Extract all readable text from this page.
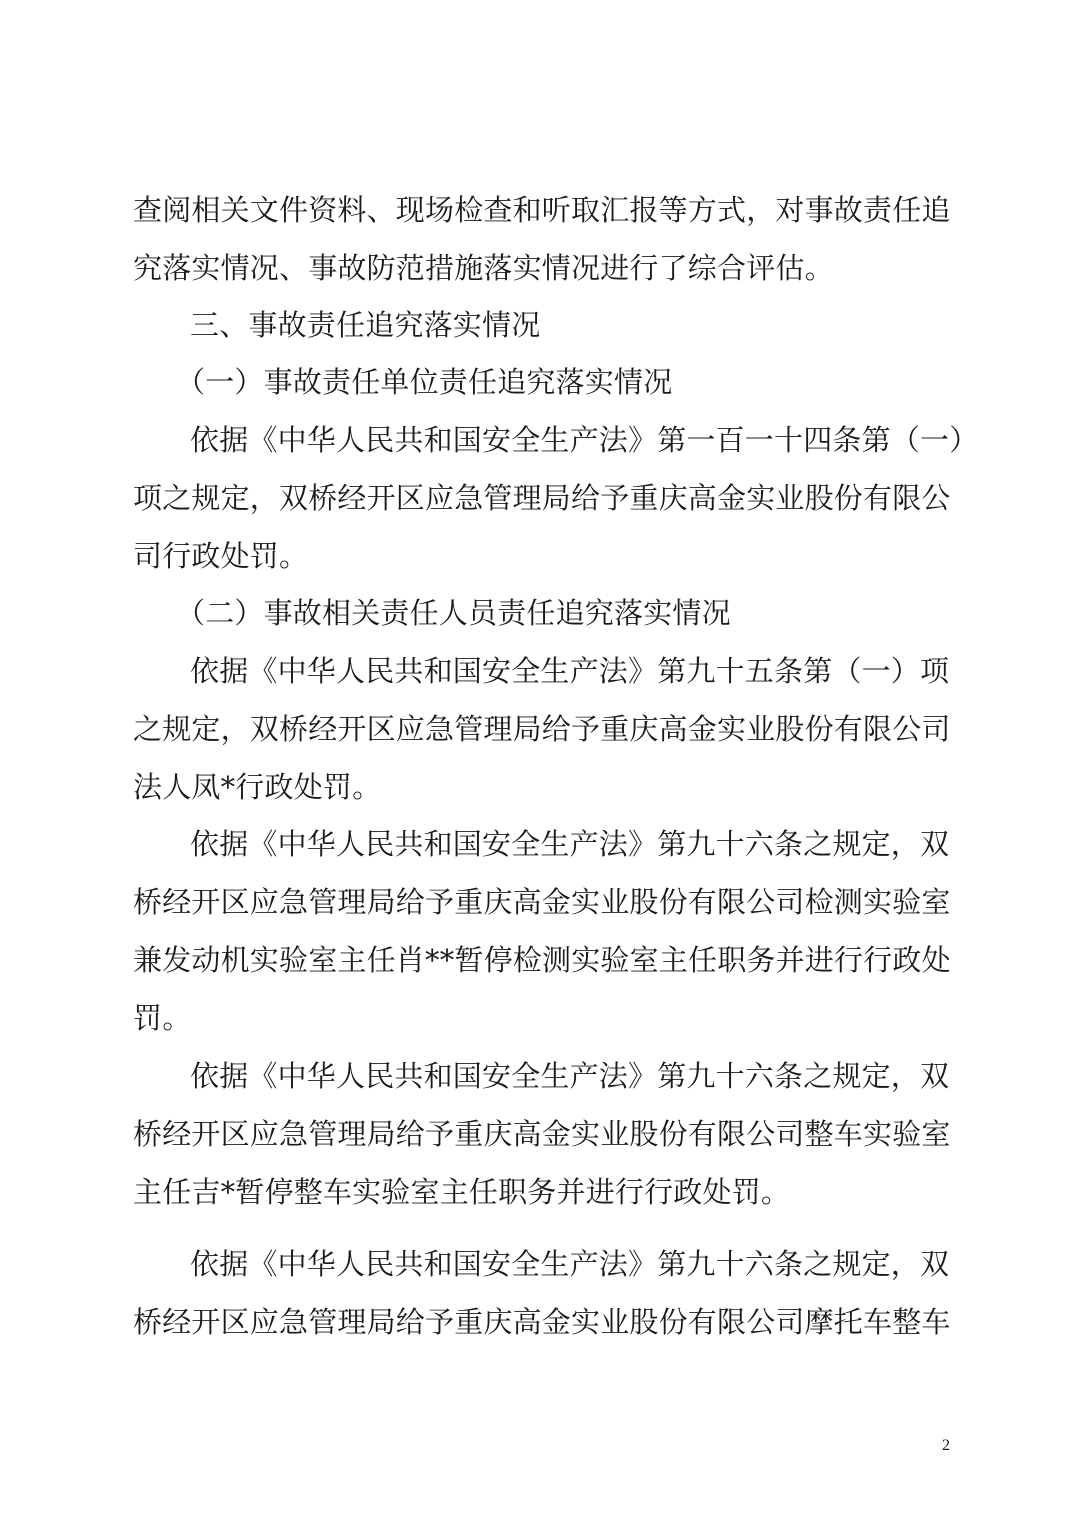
查阅相关文件资料、现场检查和听取汇报等方式，对事故责任追
究落实情况、事故防范措施落实情况进行了综合评估。
三、事故责任追究落实情况
（一）事故责任单位责任追究落实情况
依据《中华人民共和国安全生产法》第一百一十四条第（一）
项之规定，双桥经开区应急管理局给予重庆高金实业股份有限公
司行政处罚。
（二）事故相关责任人员责任追究落实情况
依据《中华人民共和国安全生产法》第九十五条第（一）项
之规定，双桥经开区应急管理局给予重庆高金实业股份有限公司
法人凤*行政处罚。
依据《中华人民共和国安全生产法》第九十六条之规定，双
桥经开区应急管理局给予重庆高金实业股份有限公司检测实验室
兼发动机实验室主任肖**暂停检测实验室主任职务并进行行政处
罚。
依据《中华人民共和国安全生产法》第九十六条之规定，双
桥经开区应急管理局给予重庆高金实业股份有限公司整车实验室
主任吉*暂停整车实验室主任职务并进行行政处罚。
依据《中华人民共和国安全生产法》第九十六条之规定，双
桥经开区应急管理局给予重庆高金实业股份有限公司摩托车整车
2
